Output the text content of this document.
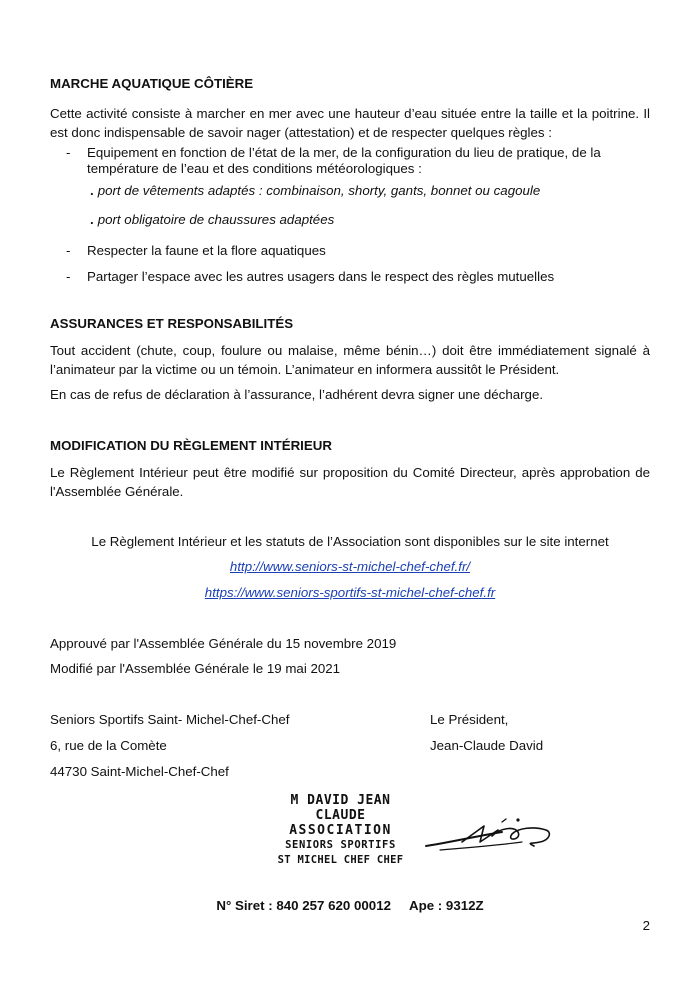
MARCHE AQUATIQUE CÔTIÈRE

Cette activité consiste à marcher en mer avec une hauteur d’eau située entre la taille et la poitrine. Il est donc indispensable de savoir nager (attestation) et de respecter quelques règles :

- Equipement en fonction de l’état de la mer, de la configuration du lieu de pratique, de la température de l’eau et des conditions météorologiques :
. port de vêtements adaptés : combinaison, shorty, gants, bonnet ou cagoule
. port obligatoire de chaussures adaptées
- Respecter la faune et la flore aquatiques
- Partager l’espace avec les autres usagers dans le respect des règles mutuelles
ASSURANCES ET RESPONSABILITÉS

Tout accident (chute, coup, foulure ou malaise, même bénin…) doit être immédiatement signalé à l’animateur par la victime ou un témoin. L’animateur en informera aussitôt le Président.

En cas de refus de déclaration à l’assurance, l’adhérent devra signer une décharge.

MODIFICATION DU RÈGLEMENT INTÉRIEUR

Le Règlement Intérieur peut être modifié sur proposition du Comité Directeur, après approbation de l'Assemblée Générale.

Le Règlement Intérieur et les statuts de l’Association sont disponibles sur le site internet
http://www.seniors-st-michel-chef-chef.fr/
https://www.seniors-sportifs-st-michel-chef-chef.fr
Approuvé par l'Assemblée Générale du 15 novembre 2019
Modifié par l'Assemblée Générale le 19 mai 2021
Seniors Sportifs Saint- Michel-Chef-Chef
6, rue de la Comète
44730 Saint-Michel-Chef-Chef
Le Président,
Jean-Claude David
M DAVID JEAN CLAUDE
ASSOCIATION
SENIORS SPORTIFS
ST MICHEL CHEF CHEF
N° Siret : 840 257 620 00012 Ape : 9312Z
2
